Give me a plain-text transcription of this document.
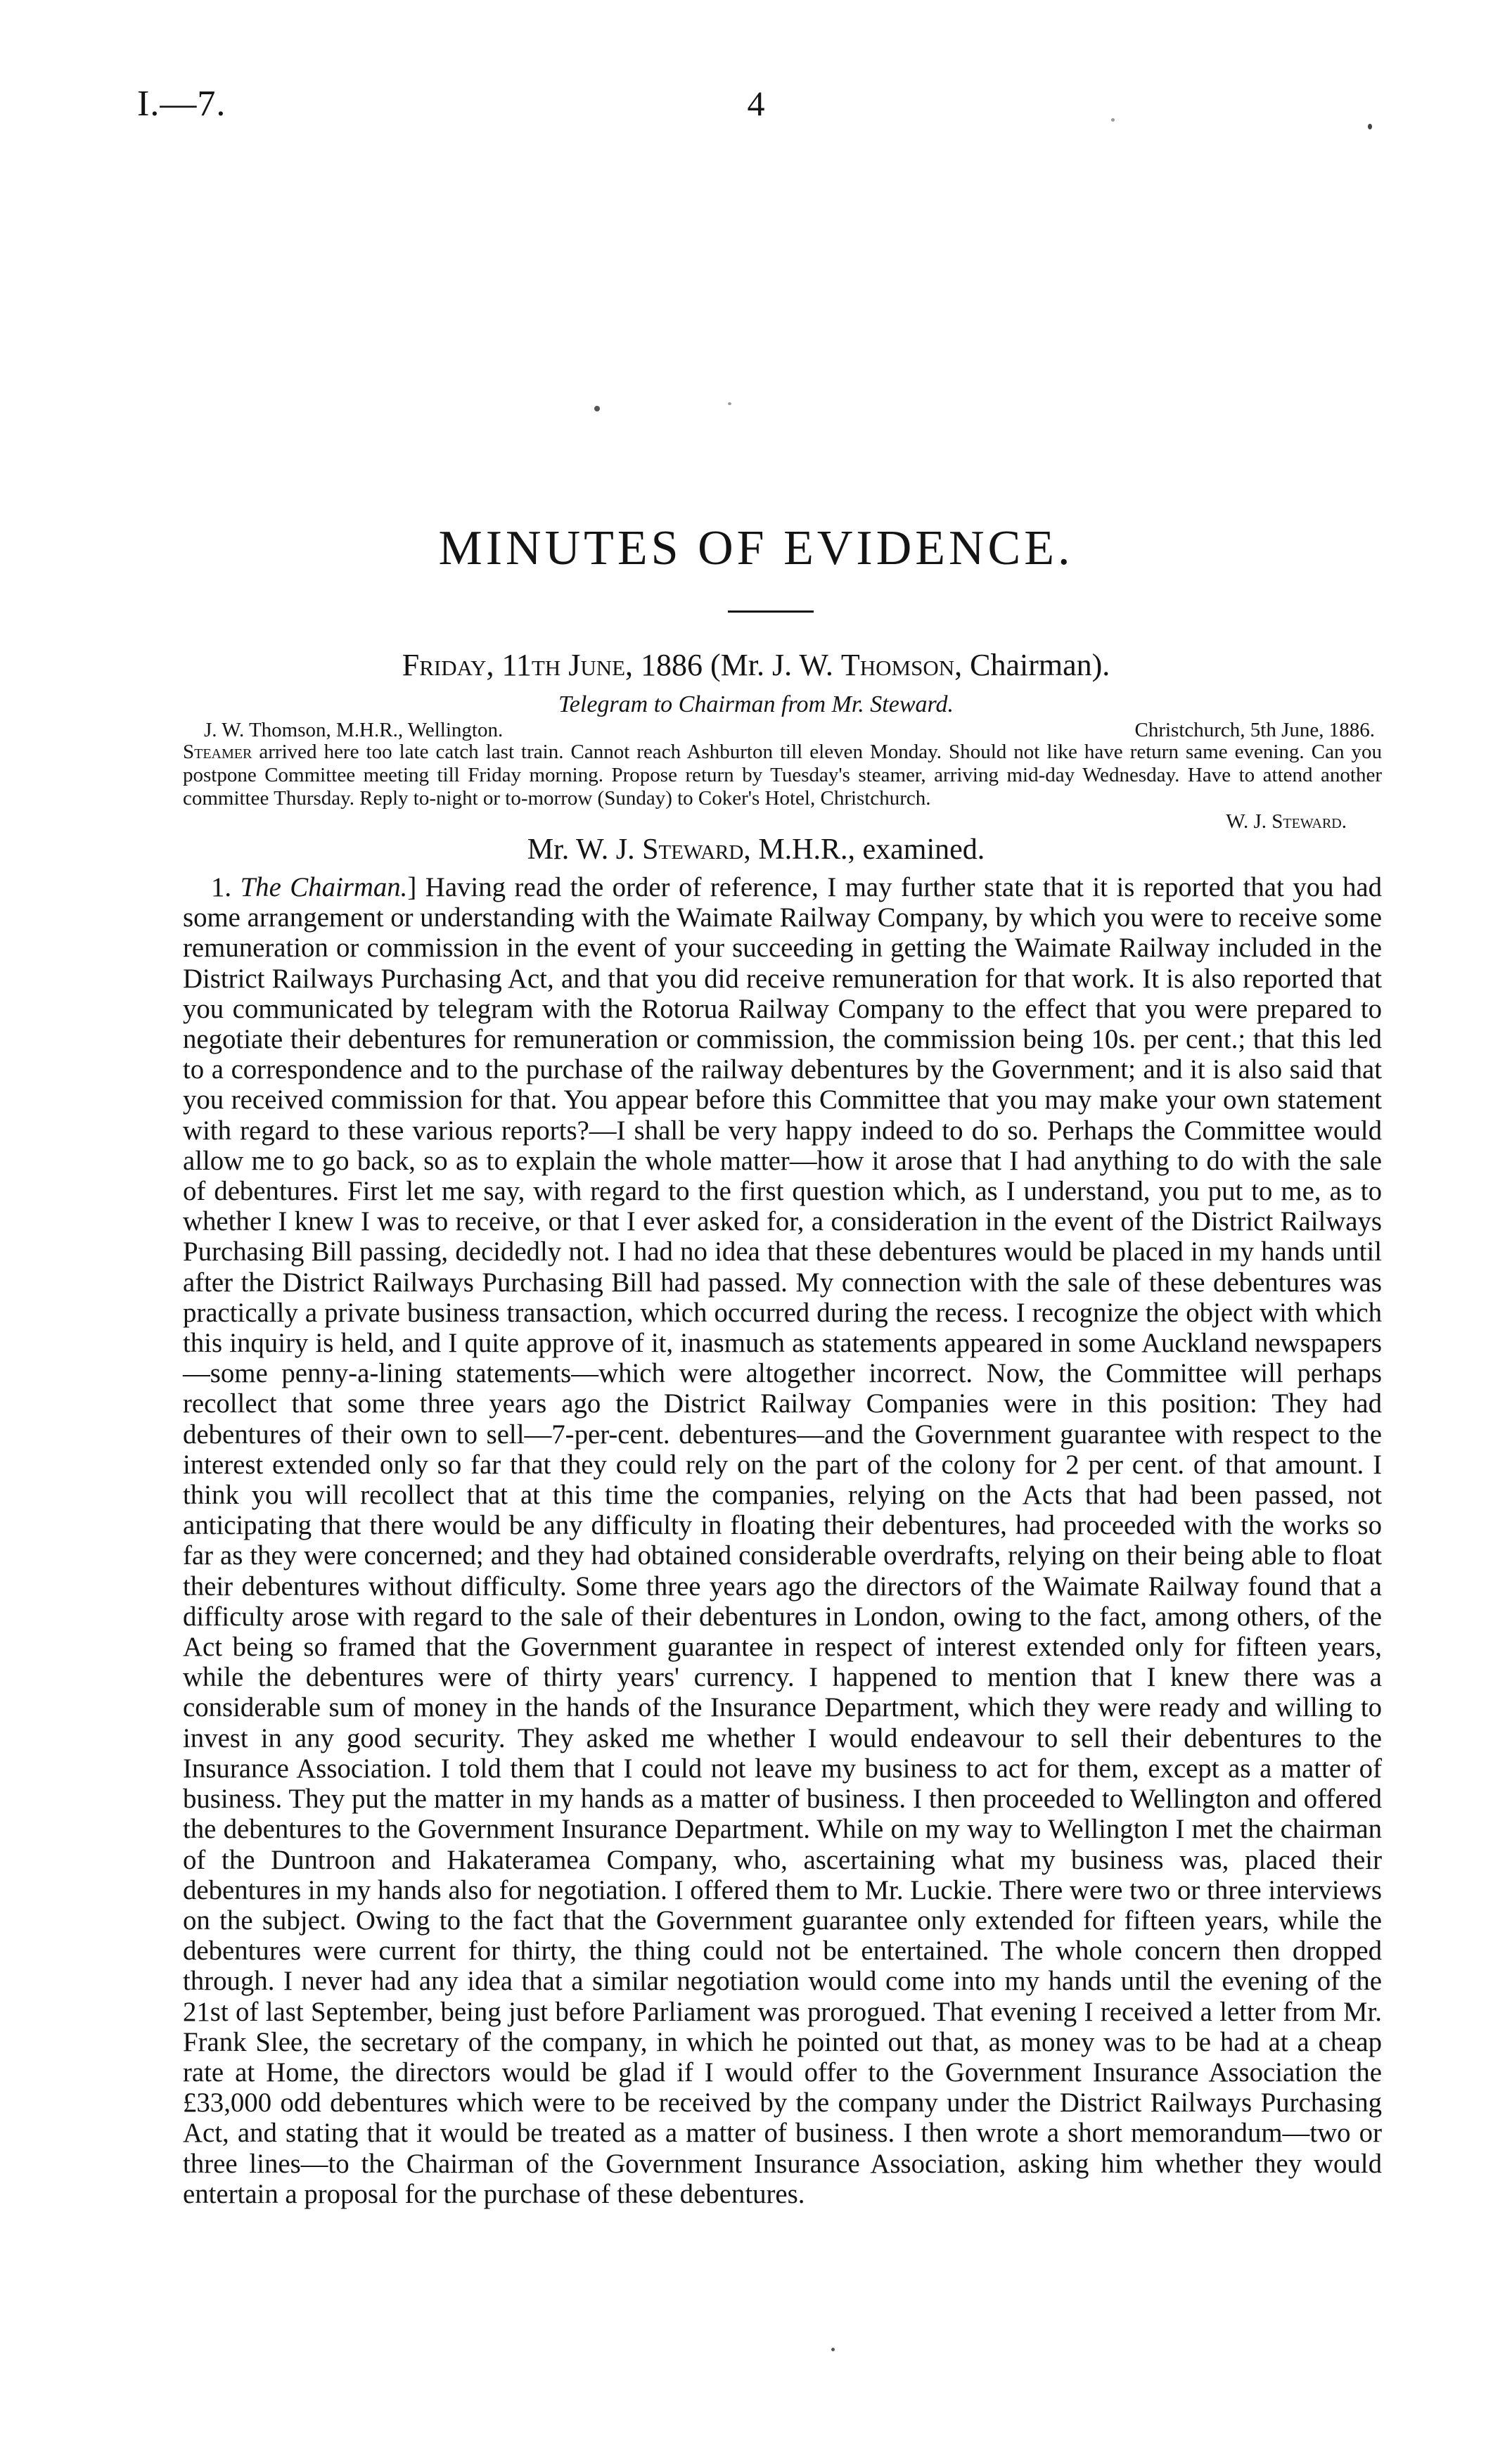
I.—7.	4
MINUTES OF EVIDENCE.
Friday, 11th June, 1886 (Mr. J. W. Thomson, Chairman).
Telegram to Chairman from Mr. Steward.
J. W. Thomson, M.H.R., Wellington.	Christchurch, 5th June, 1886.
Steamer arrived here too late catch last train. Cannot reach Ashburton till eleven Monday. Should not like have return same evening. Can you postpone Committee meeting till Friday morning. Propose return by Tuesday's steamer, arriving mid-day Wednesday. Have to attend another committee Thursday. Reply to-night or to-morrow (Sunday) to Coker's Hotel, Christchurch.
W. J. Steward.
Mr. W. J. Steward, M.H.R., examined.

1. The Chairman.] Having read the order of reference, I may further state that it is reported that you had some arrangement or understanding with the Waimate Railway Company, by which you were to receive some remuneration or commission in the event of your succeeding in getting the Waimate Railway included in the District Railways Purchasing Act, and that you did receive remuneration for that work. It is also reported that you communicated by telegram with the Rotorua Railway Company to the effect that you were prepared to negotiate their debentures for remuneration or commission, the commission being 10s. per cent.; that this led to a correspondence and to the purchase of the railway debentures by the Government; and it is also said that you received commission for that. You appear before this Committee that you may make your own statement with regard to these various reports?—I shall be very happy indeed to do so. Perhaps the Committee would allow me to go back, so as to explain the whole matter—how it arose that I had anything to do with the sale of debentures. First let me say, with regard to the first question which, as I understand, you put to me, as to whether I knew I was to receive, or that I ever asked for, a consideration in the event of the District Railways Purchasing Bill passing, decidedly not. I had no idea that these debentures would be placed in my hands until after the District Railways Purchasing Bill had passed. My connection with the sale of these debentures was practically a private business transaction, which occurred during the recess. I recognize the object with which this inquiry is held, and I quite approve of it, inasmuch as statements appeared in some Auckland newspapers—some penny-a-lining statements—which were altogether incorrect. Now, the Committee will perhaps recollect that some three years ago the District Railway Companies were in this position: They had debentures of their own to sell—7-per-cent. debentures—and the Government guarantee with respect to the interest extended only so far that they could rely on the part of the colony for 2 per cent. of that amount. I think you will recollect that at this time the companies, relying on the Acts that had been passed, not anticipating that there would be any difficulty in floating their debentures, had proceeded with the works so far as they were concerned; and they had obtained considerable overdrafts, relying on their being able to float their debentures without difficulty. Some three years ago the directors of the Waimate Railway found that a difficulty arose with regard to the sale of their debentures in London, owing to the fact, among others, of the Act being so framed that the Government guarantee in respect of interest extended only for fifteen years, while the debentures were of thirty years' currency. I happened to mention that I knew there was a considerable sum of money in the hands of the Insurance Department, which they were ready and willing to invest in any good security. They asked me whether I would endeavour to sell their debentures to the Insurance Association. I told them that I could not leave my business to act for them, except as a matter of business. They put the matter in my hands as a matter of business. I then proceeded to Wellington and offered the debentures to the Government Insurance Department. While on my way to Wellington I met the chairman of the Duntroon and Hakateramea Company, who, ascertaining what my business was, placed their debentures in my hands also for negotiation. I offered them to Mr. Luckie. There were two or three interviews on the subject. Owing to the fact that the Government guarantee only extended for fifteen years, while the debentures were current for thirty, the thing could not be entertained. The whole concern then dropped through. I never had any idea that a similar negotiation would come into my hands until the evening of the 21st of last September, being just before Parliament was prorogued. That evening I received a letter from Mr. Frank Slee, the secretary of the company, in which he pointed out that, as money was to be had at a cheap rate at Home, the directors would be glad if I would offer to the Government Insurance Association the £33,000 odd debentures which were to be received by the company under the District Railways Purchasing Act, and stating that it would be treated as a matter of business. I then wrote a short memorandum—two or three lines—to the Chairman of the Government Insurance Association, asking him whether they would entertain a proposal for the purchase of these debentures.
